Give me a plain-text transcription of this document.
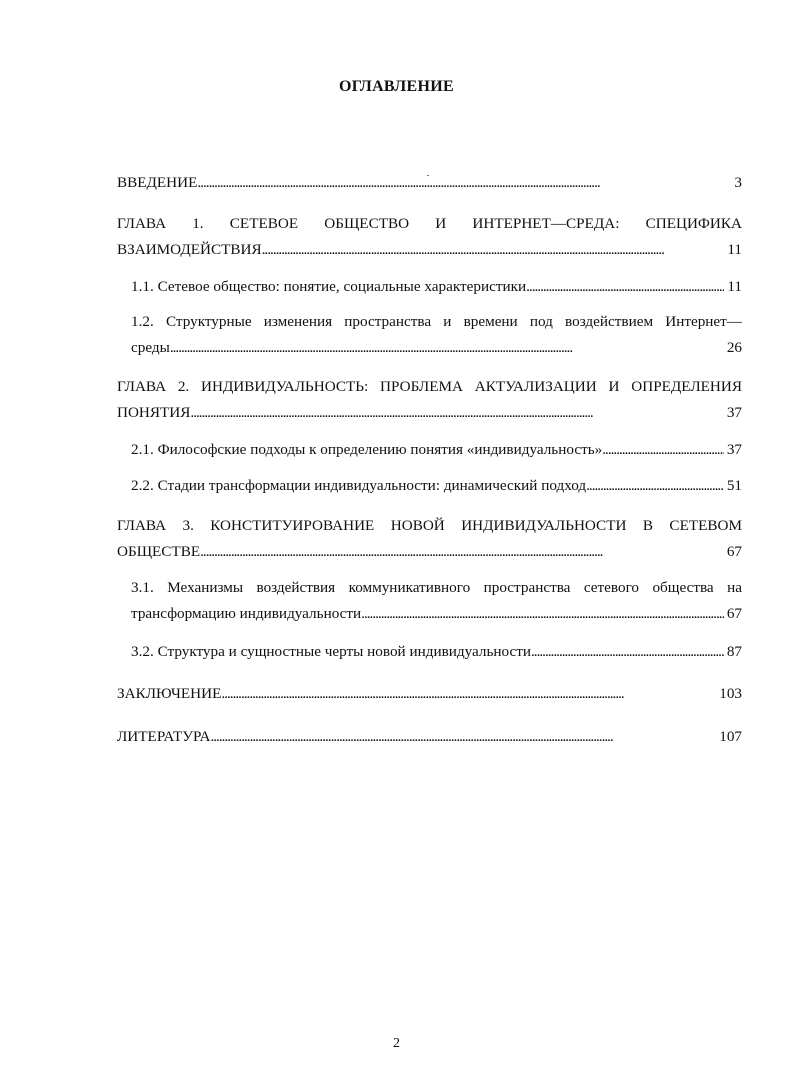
ОГЛАВЛЕНИЕ
ВВЕДЕНИЕ . . .	3
ГЛАВА 1. СЕТЕВОЕ ОБЩЕСТВО И ИНТЕРНЕТ—СРЕДА: СПЕЦИФИКА
ВЗАИМОДЕЙСТВИЯ . . .	11
1.1. Сетевое общество: понятие, социальные характеристики . . .	11
1.2. Структурные изменения пространства и времени под воздействием Интернет—
среды . . .	26
ГЛАВА 2. ИНДИВИДУАЛЬНОСТЬ: ПРОБЛЕМА АКТУАЛИЗАЦИИ И ОПРЕДЕЛЕНИЯ
ПОНЯТИЯ . . .	37
2.1. Философские подходы к определению понятия «индивидуальность» . . .	37
2.2. Стадии трансформации индивидуальности: динамический подход . . .	51
ГЛАВА 3. КОНСТИТУИРОВАНИЕ НОВОЙ ИНДИВИДУАЛЬНОСТИ В СЕТЕВОМ
ОБЩЕСТВЕ . . .	67
3.1. Механизмы воздействия коммуникативного пространства сетевого общества на
трансформацию индивидуальности . . .	67
3.2. Структура и сущностные черты новой индивидуальности . . .	87
ЗАКЛЮЧЕНИЕ . . .	103
ЛИТЕРАТУРА . . .	107
2
